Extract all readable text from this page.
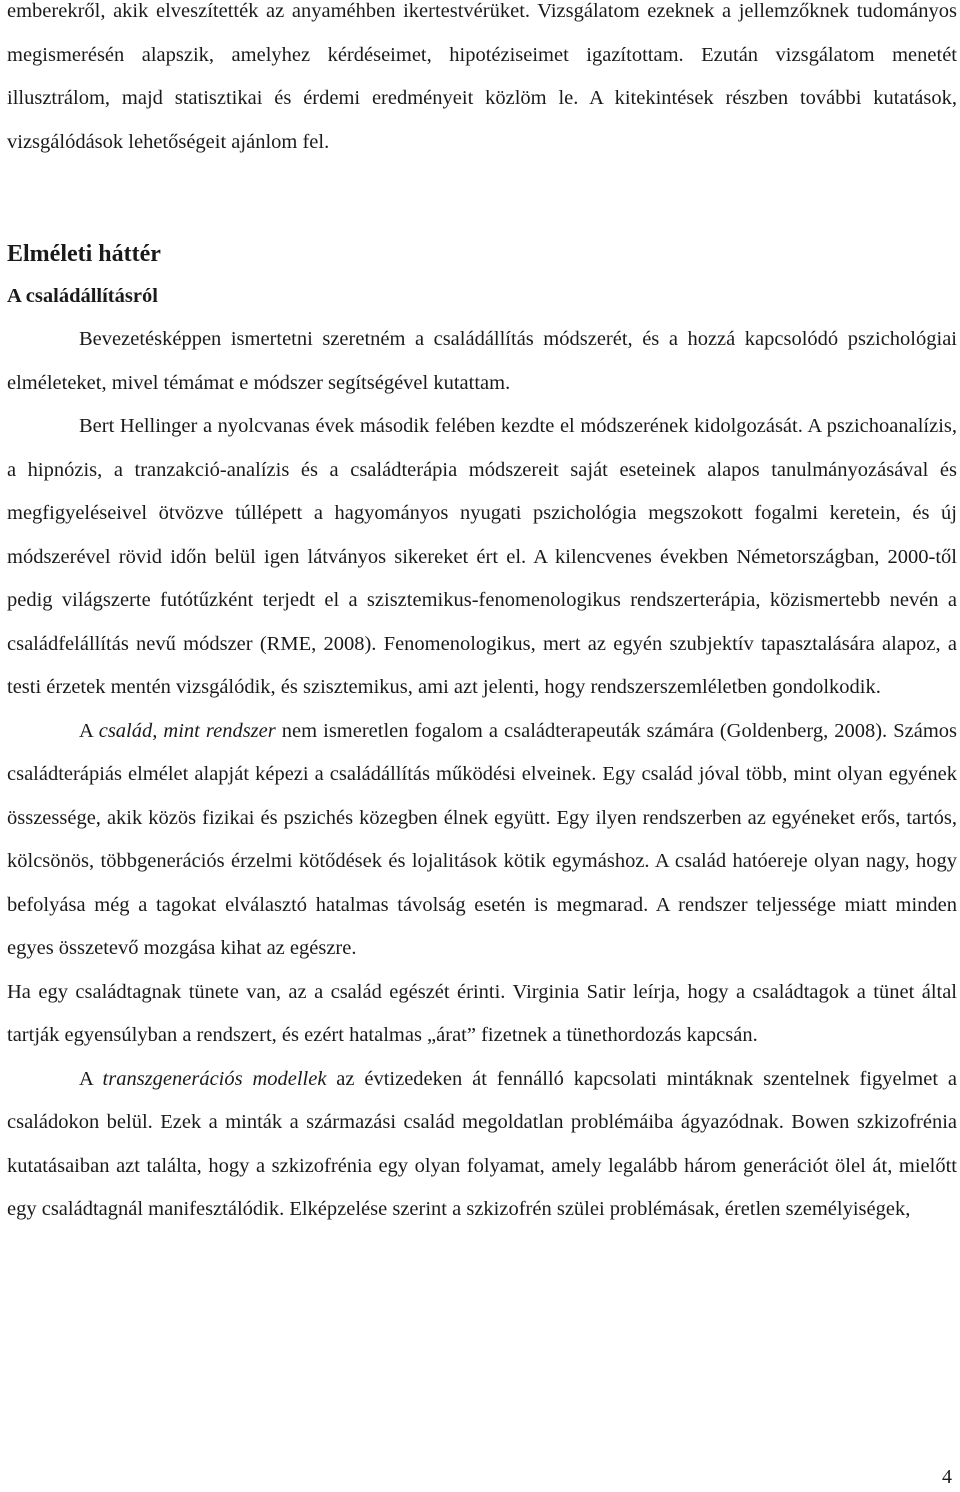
emberekről, akik elveszítették az anyaméhben ikertestvérüket. Vizsgálatom ezeknek a jellemzőknek tudományos megismerésén alapszik, amelyhez kérdéseimet, hipotéziseimet igazítottam. Ezután vizsgálatom menetét illusztrálom, majd statisztikai és érdemi eredményeit közlöm le. A kitekintések részben további kutatások, vizsgálódások lehetőségeit ajánlom fel.

Elméleti háttér
A családállításról

Bevezetésképpen ismertetni szeretném a családállítás módszerét, és a hozzá kapcsolódó pszichológiai elméleteket, mivel témámat e módszer segítségével kutattam.

Bert Hellinger a nyolcvanas évek második felében kezdte el módszerének kidolgozását. A pszichoanalízis, a hipnózis, a tranzakció-analízis és a családterápia módszereit saját eseteinek alapos tanulmányozásával és megfigyeléseivel ötvözve túllépett a hagyományos nyugati pszichológia megszokott fogalmi keretein, és új módszerével rövid időn belül igen látványos sikereket ért el. A kilencvenes években Németországban, 2000-től pedig világszerte futótűzként terjedt el a szisztemikus-fenomenologikus rendszerterápia, közismertebb nevén a családfelállítás nevű módszer (RME, 2008). Fenomenologikus, mert az egyén szubjektív tapasztalására alapoz, a testi érzetek mentén vizsgálódik, és szisztemikus, ami azt jelenti, hogy rendszerszemléletben gondolkodik.

A család, mint rendszer nem ismeretlen fogalom a családterapeuták számára (Goldenberg, 2008). Számos családterápiás elmélet alapját képezi a családállítás működési elveinek. Egy család jóval több, mint olyan egyének összessége, akik közös fizikai és pszichés közegben élnek együtt. Egy ilyen rendszerben az egyéneket erős, tartós, kölcsönös, többgenerációs érzelmi kötődések és lojalitások kötik egymáshoz. A család hatóereje olyan nagy, hogy befolyása még a tagokat elválasztó hatalmas távolság esetén is megmarad. A rendszer teljessége miatt minden egyes összetevő mozgása kihat az egészre.

Ha egy családtagnak tünete van, az a család egészét érinti. Virginia Satir leírja, hogy a családtagok a tünet által tartják egyensúlyban a rendszert, és ezért hatalmas „árat” fizetnek a tünethordozás kapcsán.

A transzgenerációs modellek az évtizedeken át fennálló kapcsolati mintáknak szentelnek figyelmet a családokon belül. Ezek a minták a származási család megoldatlan problémáiba ágyazódnak. Bowen szkizofrénia kutatásaiban azt találta, hogy a szkizofrénia egy olyan folyamat, amely legalább három generációt ölel át, mielőtt egy családtagnál manifesztálódik. Elképzelése szerint a szkizofrén szülei problémásak, éretlen személyiségek,

4
